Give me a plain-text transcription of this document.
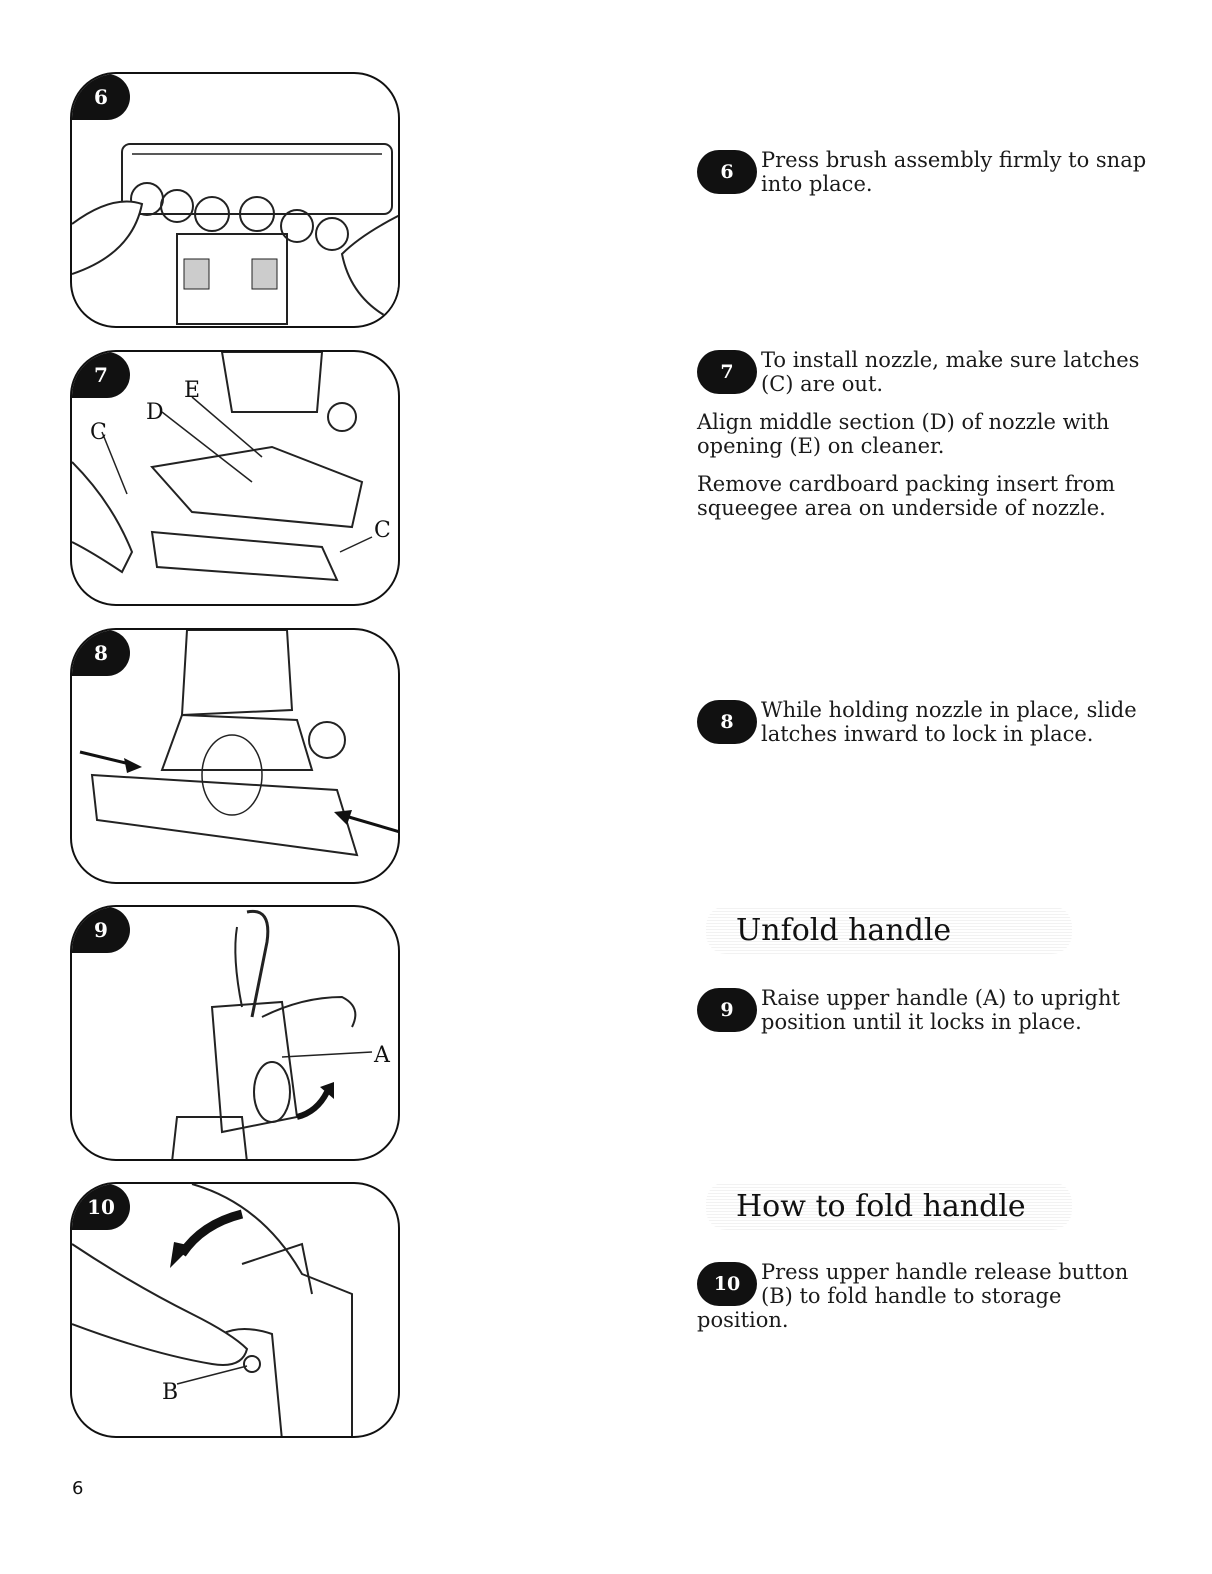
6
7
C
D
E
C
8
9
A
10
B
6	Press brush assembly firmly to snap into place.

7	To install nozzle, make sure latches (C) are out.

Align middle section (D) of nozzle with opening (E) on cleaner.

Remove cardboard packing insert from squeegee area on underside of nozzle.

8	While holding nozzle in place, slide latches inward to lock in place.

Unfold handle
9	Raise upper handle (A) to upright position until it locks in place.

How to fold handle
10 Press upper handle release button (B) to fold handle to storage position.

6
